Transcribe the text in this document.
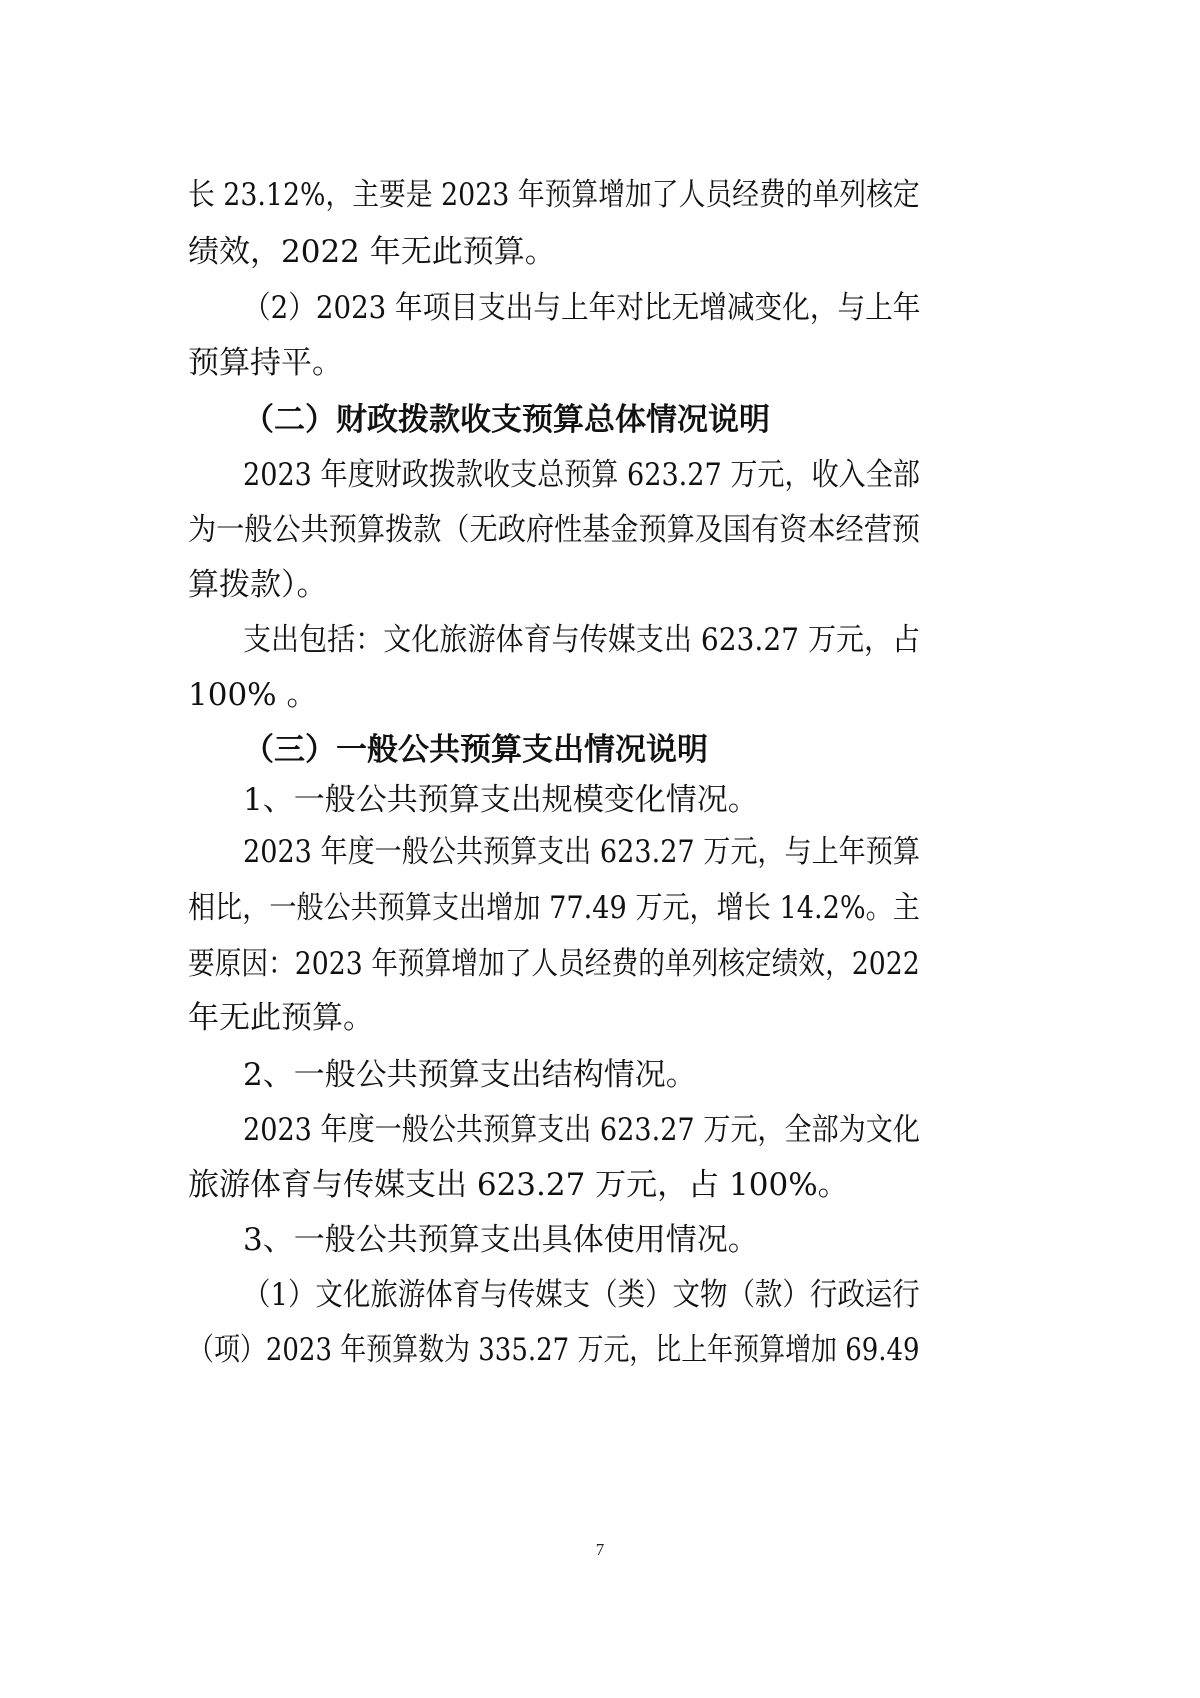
长 23.12%，主要是 2023 年预算增加了人员经费的单列核定
绩效，2022 年无此预算。
（2）2023 年项目支出与上年对比无增减变化，与上年
预算持平。
（二）财政拨款收支预算总体情况说明
2023 年度财政拨款收支总预算 623.27 万元，收入全部
为一般公共预算拨款（无政府性基金预算及国有资本经营预
算拨款）。
支出包括：文化旅游体育与传媒支出 623.27 万元，占
100% 。
（三）一般公共预算支出情况说明
1、一般公共预算支出规模变化情况。
2023 年度一般公共预算支出 623.27 万元，与上年预算
相比，一般公共预算支出增加 77.49 万元，增长 14.2%。主
要原因：2023 年预算增加了人员经费的单列核定绩效，2022
年无此预算。
2、一般公共预算支出结构情况。
2023 年度一般公共预算支出 623.27 万元，全部为文化
旅游体育与传媒支出 623.27 万元，占 100%。
3、一般公共预算支出具体使用情况。
（1）文化旅游体育与传媒支（类）文物（款）行政运行
（项）2023 年预算数为 335.27 万元，比上年预算增加 69.49
7
